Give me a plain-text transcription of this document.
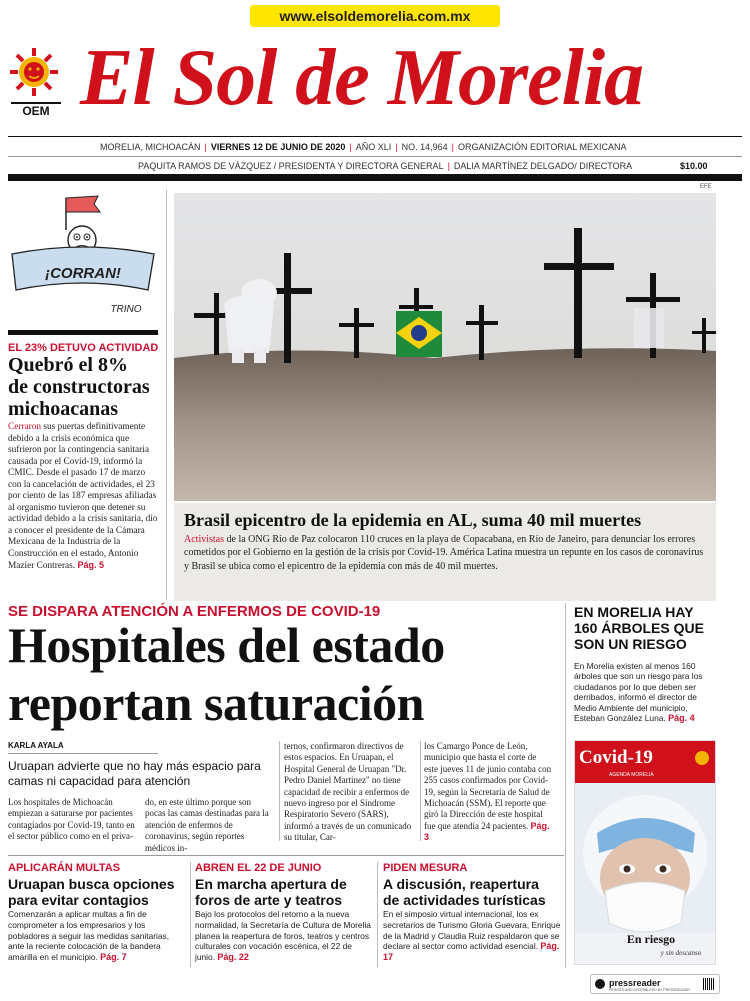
www.elsoldemorelia.com.mx
OEM El Sol de Morelia
MORELIA, MICHOACÁN | VIERNES 12 DE JUNIO DE 2020 | AÑO XLI | NO. 14,964 | ORGANIZACIÓN EDITORIAL MEXICANA
PAQUITA RAMOS DE VÁZQUEZ / PRESIDENTA Y DIRECTORA GENERAL | DALIA MARTÍNEZ DELGADO/ DIRECTORA	$10.00
¡CORRAN!
TRINO
EL 23% DETUVO ACTIVIDAD
Quebró el 8%
de constructoras
michoacanas
Cerraron sus puertas definitivamente debido a la crisis económica que sufrieron por la contingencia sanitaria causada por el Covid-19, informó la CMIC. Desde el pasado 17 de marzo con la cancelación de actividades, el 23 por ciento de las 187 empresas afiliadas al organismo tuvieron que detener su actividad debido a la crisis sanitaria, dio a conocer el presidente de la Cámara Mexicana de la Industria de la Construcción en el estado, Antonio Mazier Contreras. Pág. 5
EFE
Brasil epicentro de la epidemia en AL, suma 40 mil muertes
Activistas de la ONG Río de Paz colocaron 110 cruces en la playa de Copacabana, en Río de Janeiro, para denunciar los errores cometidos por el Gobierno en la gestión de la crisis por Covid-19. América Latina muestra un repunte en los casos de coronavirus y Brasil se ubica como el epicentro de la epidemia con más de 40 mil muertes.
SE DISPARA ATENCIÓN A ENFERMOS DE COVID-19
Hospitales del estado
reportan saturación
KARLA AYALA
Uruapan advierte que no hay más espacio para camas ni capacidad para atención
Los hospitales de Michoacán empiezan a saturarse por pacientes contagiados por Covid-19, tanto en el sector público como en el priva-
do, en este último porque son pocas las camas destinadas para la atención de enfermos de coronavirus, según reportes médicos in-
ternos, confirmaron directivos de estos espacios. En Uruapan, el Hospital General de Uruapan "Dr. Pedro Daniel Martínez" no tiene capacidad de recibir a enfermos de nuevo ingreso por el Síndrome Respiratorio Severo (SARS), informó a través de un comunicado su titular, Car-
los Camargo Ponce de León, municipio que hasta el corte de este jueves 11 de junio contaba con 255 casos confirmados por Covid-19, según la Secretaría de Salud de Michoacán (SSM). El reporte que giró la Dirección de este hospital fue que atendía 24 pacientes. Pág. 3
EN MORELIA HAY
160 ÁRBOLES QUE
SON UN RIESGO
En Morelia existen al menos 160 árboles que son un riesgo para los ciudadanos por lo que deben ser derribados, informó el director de Medio Ambiente del municipio, Esteban González Luna. Pág. 4
Covid-19
AGENDA MORELIA
En riesgo
y sin descanso
APLICARÁN MULTAS
Uruapan busca opciones
para evitar contagios
Comenzarán a aplicar multas a fin de comprometer a los empresarios y los pobladores a seguir las medidas sanitarias, ante la reciente colocación de la bandera amarilla en el municipio. Pág. 7
ABREN EL 22 DE JUNIO
En marcha apertura de
foros de arte y teatros
Bajo los protocolos del retorno a la nueva normalidad, la Secretaría de Cultura de Morelia planea la reapertura de foros, teatros y centros culturales con vocación escénica, el 22 de junio. Pág. 22
PIDEN MESURA
A discusión, reapertura
de actividades turísticas
En el simposio virtual internacional, los ex secretarios de Turismo Gloria Guevara, Enrique de la Madrid y Claudia Ruiz respaldaron que se declare al sector como actividad esencial. Pág. 17
pressreader
PRINTED AND DISTRIBUTED BY PRESSREADER
